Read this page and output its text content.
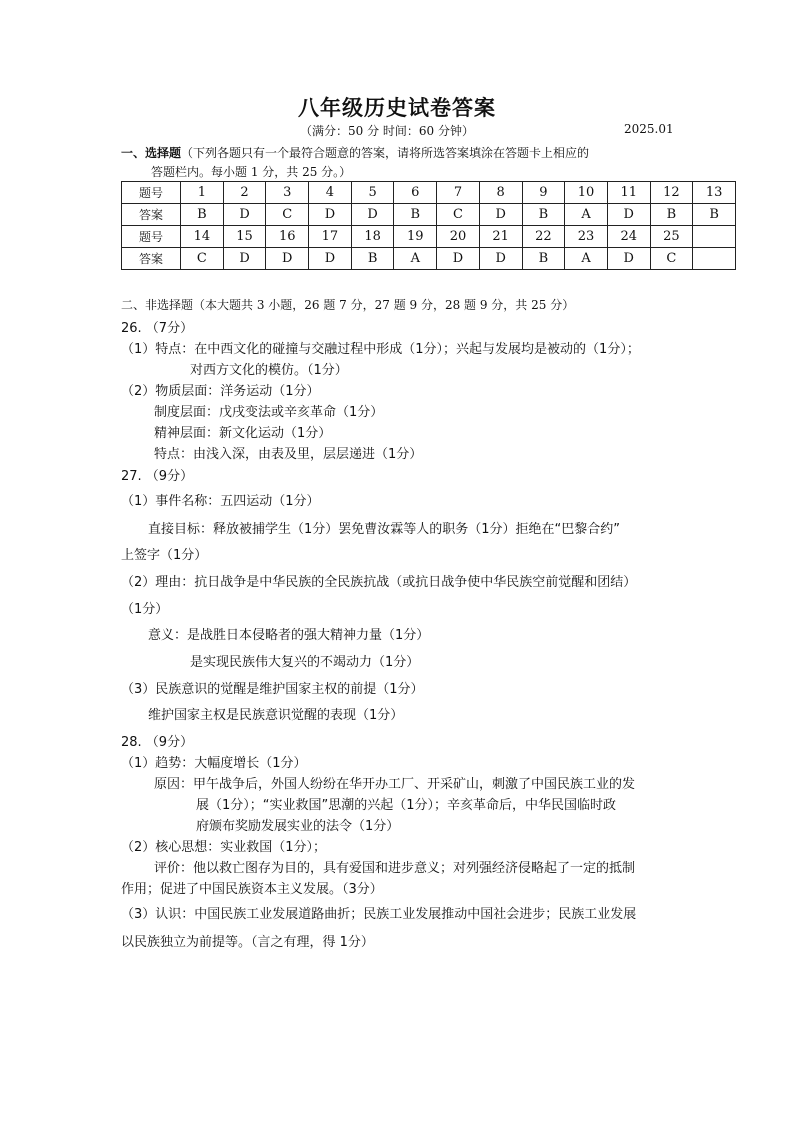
八年级历史试卷答案
（满分：50 分 时间：60 分钟）	2025.01
一、选择题（下列各题只有一个最符合题意的答案，请将所选答案填涂在答题卡上相应的
答题栏内。每小题 1 分，共 25 分。）
题号	1	2	3	4	5	6	7	8	9	10	11	12	13
答案	B	D	C	D	D	B	C	D	B	A	D	B	B
题号	14	15	16	17	18	19	20	21	22	23	24	25	
答案	C	D	D	D	B	A	D	D	B	A	D	C	
二、非选择题（本大题共 3 小题，26 题 7 分，27 题 9 分，28 题 9 分，共 25 分）
26. （7分）
（1）特点：在中西文化的碰撞与交融过程中形成（1分）；兴起与发展均是被动的（1分）；
对西方文化的模仿。（1分）
（2）物质层面：洋务运动（1分）
制度层面：戊戌变法或辛亥革命（1分）
精神层面：新文化运动（1分）
特点：由浅入深，由表及里，层层递进（1分）
27. （9分）
（1）事件名称：五四运动（1分）
直接目标：释放被捕学生（1分）罢免曹汝霖等人的职务（1分）拒绝在“巴黎合约”
上签字（1分）
（2）理由：抗日战争是中华民族的全民族抗战（或抗日战争使中华民族空前觉醒和团结）
（1分）
意义：是战胜日本侵略者的强大精神力量（1分）
是实现民族伟大复兴的不竭动力（1分）
（3）民族意识的觉醒是维护国家主权的前提（1分）
维护国家主权是民族意识觉醒的表现（1分）
28. （9分）
（1）趋势：大幅度增长（1分）
原因：甲午战争后，外国人纷纷在华开办工厂、开采矿山，刺激了中国民族工业的发
展（1分）；“实业救国”思潮的兴起（1分）；辛亥革命后，中华民国临时政
府颁布奖励发展实业的法令（1分）
（2）核心思想：实业救国（1分）；
评价：他以救亡图存为目的，具有爱国和进步意义；对列强经济侵略起了一定的抵制
作用；促进了中国民族资本主义发展。（3分）
（3）认识：中国民族工业发展道路曲折；民族工业发展推动中国社会进步；民族工业发展
以民族独立为前提等。（言之有理，得 1分）
